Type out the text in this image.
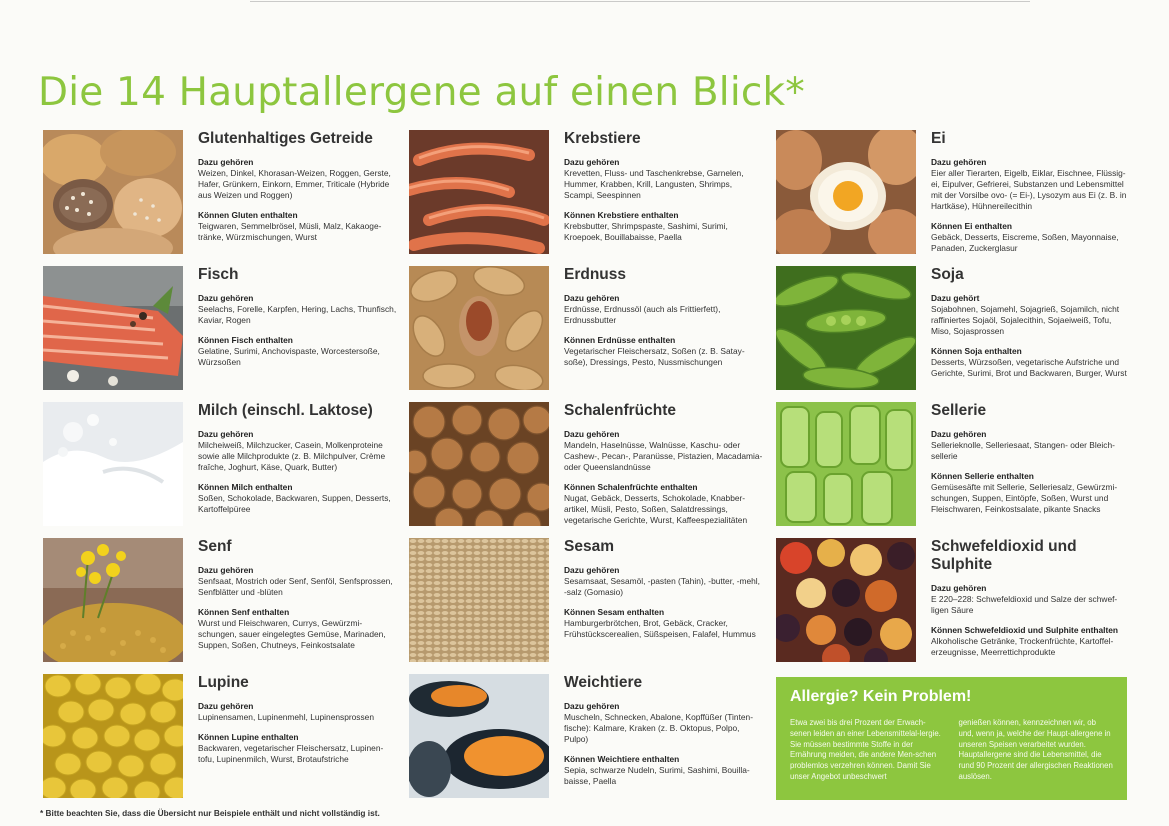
Die 14 Hauptallergene auf einen Blick*
Glutenhaltiges Getreide
Dazu gehören
Weizen, Dinkel, Khorasan-Weizen, Roggen, Gerste, Hafer, Grünkern, Einkorn, Emmer, Triticale (Hybride aus Weizen und Roggen)
Können Gluten enthalten
Teigwaren, Semmelbrösel, Müsli, Malz, Kakaoge-tränke, Würzmischungen, Wurst
Fisch
Dazu gehören
Seelachs, Forelle, Karpfen, Hering, Lachs, Thunfisch, Kaviar, Rogen
Können Fisch enthalten
Gelatine, Surimi, Anchovispaste, Worcestersoße, Würzsoßen
Milch (einschl. Laktose)
Dazu gehören
Milcheiweiß, Milchzucker, Casein, Molkenproteine sowie alle Milchprodukte (z. B. Milchpulver, Crème fraîche, Joghurt, Käse, Quark, Butter)
Können Milch enthalten
Soßen, Schokolade, Backwaren, Suppen, Desserts, Kartoffelpüree
Senf
Dazu gehören
Senfsaat, Mostrich oder Senf, Senföl, Senfsprossen, Senfblätter und -blüten
Können Senf enthalten
Wurst und Fleischwaren, Currys, Gewürzmi-schungen, sauer eingelegtes Gemüse, Marinaden, Suppen, Soßen, Chutneys, Feinkostsalate
Lupine
Dazu gehören
Lupinensamen, Lupinenmehl, Lupinensprossen
Können Lupine enthalten
Backwaren, vegetarischer Fleischersatz, Lupinen-tofu, Lupinenmilch, Wurst, Brotaufstriche
Krebstiere
Dazu gehören
Krevetten, Fluss- und Taschenkrebse, Garnelen, Hummer, Krabben, Krill, Langusten, Shrimps, Scampi, Seespinnen
Können Krebstiere enthalten
Krebsbutter, Shrimpspaste, Sashimi, Surimi, Kroepoek, Bouillabaisse, Paella
Erdnuss
Dazu gehören
Erdnüsse, Erdnussöl (auch als Frittierfett), Erdnussbutter
Können Erdnüsse enthalten
Vegetarischer Fleischersatz, Soßen (z. B. Satay-soße), Dressings, Pesto, Nussmischungen
Schalenfrüchte
Dazu gehören
Mandeln, Haselnüsse, Walnüsse, Kaschu- oder Cashew-, Pecan-, Paranüsse, Pistazien, Macadamia- oder Queenslandnüsse
Können Schalenfrüchte enthalten
Nugat, Gebäck, Desserts, Schokolade, Knabber-artikel, Müsli, Pesto, Soßen, Salatdressings, vegetarische Gerichte, Wurst, Kaffeespezialitäten
Sesam
Dazu gehören
Sesamsaat, Sesamöl, -pasten (Tahin), -butter, -mehl, -salz (Gomasio)
Können Sesam enthalten
Hamburgerbrötchen, Brot, Gebäck, Cracker, Frühstückscerealien, Süßspeisen, Falafel, Hummus
Weichtiere
Dazu gehören
Muscheln, Schnecken, Abalone, Kopffüßer (Tinten-fische): Kalmare, Kraken (z. B. Oktopus, Polpo, Pulpo)
Können Weichtiere enthalten
Sepia, schwarze Nudeln, Surimi, Sashimi, Bouilla-baisse, Paella
Ei
Dazu gehören
Eier aller Tierarten, Eigelb, Eiklar, Eischnee, Flüssig-ei, Eipulver, Gefrierei, Substanzen und Lebensmittel mit der Vorsilbe ovo- (= Ei-), Lysozym aus Ei (z. B. in Hartkäse), Hühnereilecithin
Können Ei enthalten
Gebäck, Desserts, Eiscreme, Soßen, Mayonnaise, Panaden, Zuckerglasur
Soja
Dazu gehört
Sojabohnen, Sojamehl, Sojagrieß, Sojamilch, nicht raffiniertes Sojaöl, Sojalecithin, Sojaeiweiß, Tofu, Miso, Sojasprossen
Können Soja enthalten
Desserts, Würzsoßen, vegetarische Aufstriche und Gerichte, Surimi, Brot und Backwaren, Burger, Wurst
Sellerie
Dazu gehören
Sellerieknolle, Selleriesaat, Stangen- oder Bleich-sellerie
Können Sellerie enthalten
Gemüsesäfte mit Sellerie, Selleriesalz, Gewürzmi-schungen, Suppen, Eintöpfe, Soßen, Wurst und Fleischwaren, Feinkostsalate, pikante Snacks
Schwefeldioxid und Sulphite
Dazu gehören
E 220–228: Schwefeldioxid und Salze der schwef-ligen Säure
Können Schwefeldioxid und Sulphite enthalten
Alkoholische Getränke, Trockenfrüchte, Kartoffel-erzeugnisse, Meerrettichprodukte
Allergie? Kein Problem!
Etwa zwei bis drei Prozent der Erwach-senen leiden an einer Lebensmittelal-lergie. Sie müssen bestimmte Stoffe in der Ernährung meiden, die andere Men-schen problemlos verzehren können. Damit Sie unser Angebot unbeschwert
genießen können, kennzeichnen wir, ob und, wenn ja, welche der Haupt-allergene in unseren Speisen verarbeitet wurden. Hauptallergene sind die Lebensmittel, die rund 90 Prozent der allergischen Reaktionen auslösen.
* Bitte beachten Sie, dass die Übersicht nur Beispiele enthält und nicht vollständig ist.
